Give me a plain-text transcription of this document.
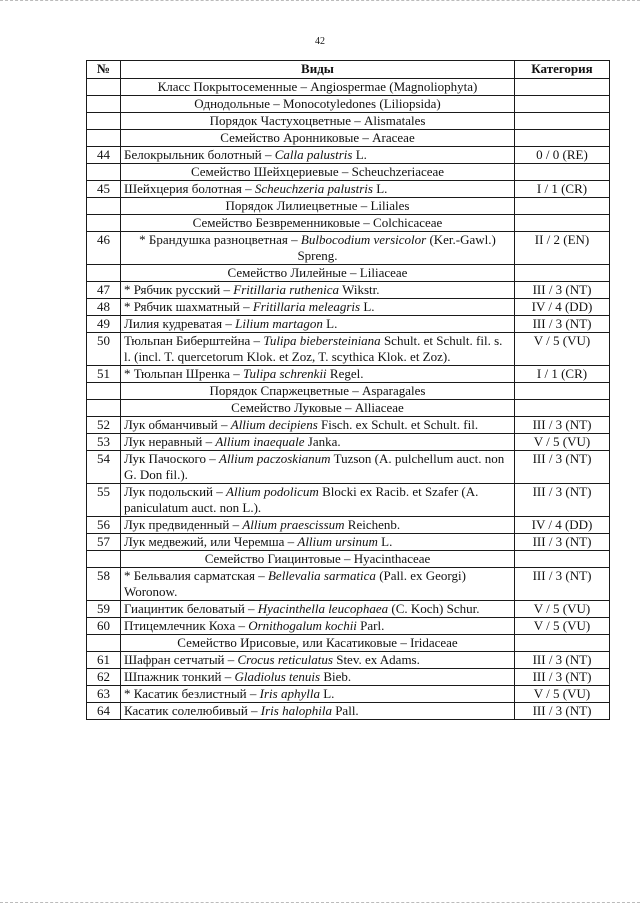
42
№	Виды	Категория
	Класс Покрытосеменные – Angiospermae (Magnoliophyta)	
	Однодольные – Monocotyledones (Liliopsida)	
	Порядок Частухоцветные – Alismatales	
	Семейство Аронниковые – Araceae	
44	Белокрыльник болотный – Calla palustris L.	0 / 0 (RE)
	Семейство Шейхцериевые – Scheuchzeriaceae	
45	Шейхцерия болотная – Scheuchzeria palustris L.	I / 1 (CR)
	Порядок Лилиецветные – Liliales	
	Семейство Безвременниковые – Colchicaceae	
46	* Брандушка разноцветная – Bulbocodium versicolor (Ker.-Gawl.) Spreng.	II / 2 (EN)
	Семейство Лилейные – Liliaceae	
47	* Рябчик русский – Fritillaria ruthenica Wikstr.	III / 3 (NT)
48	* Рябчик шахматный – Fritillaria meleagris L.	IV / 4 (DD)
49	Лилия кудреватая – Lilium martagon L.	III / 3 (NT)
50	Тюльпан Биберштейна – Tulipa biebersteiniana Schult. et Schult. fil. s. l. (incl. T. quercetorum Klok. et Zoz, T. scythica Klok. et Zoz).	V / 5 (VU)
51	* Тюльпан Шренка – Tulipa schrenkii Regel.	I / 1 (CR)
	Порядок Спаржецветные – Asparagales	
	Семейство Луковые – Alliaceae	
52	Лук обманчивый – Allium decipiens Fisch. ex Schult. et Schult. fil.	III / 3 (NT)
53	Лук неравный – Allium inaequale Janka.	V / 5 (VU)
54	Лук Пачоского – Allium paczoskianum Tuzson (A. pulchellum auct. non G. Don fil.).	III / 3 (NT)
55	Лук подольский – Allium podolicum Blocki ex Racib. et Szafer (A. paniculatum auct. non L.).	III / 3 (NT)
56	Лук предвиденный – Allium praescissum Reichenb.	IV / 4 (DD)
57	Лук медвежий, или Черемша – Allium ursinum L.	III / 3 (NT)
	Семейство Гиацинтовые – Hyacinthaceae	
58	* Бельвалия сарматская – Bellevalia sarmatica (Pall. ex Georgi) Woronow.	III / 3 (NT)
59	Гиацинтик беловатый – Hyacinthella leucophaea (C. Koch) Schur.	V / 5 (VU)
60	Птицемлечник Коха – Ornithogalum kochii Parl.	V / 5 (VU)
	Семейство Ирисовые, или Касатиковые – Iridaceae	
61	Шафран сетчатый – Crocus reticulatus Stev. ex Adams.	III / 3 (NT)
62	Шпажник тонкий – Gladiolus tenuis Bieb.	III / 3 (NT)
63	* Касатик безлистный – Iris aphylla L.	V / 5 (VU)
64	Касатик солелюбивый – Iris halophila Pall.	III / 3 (NT)
